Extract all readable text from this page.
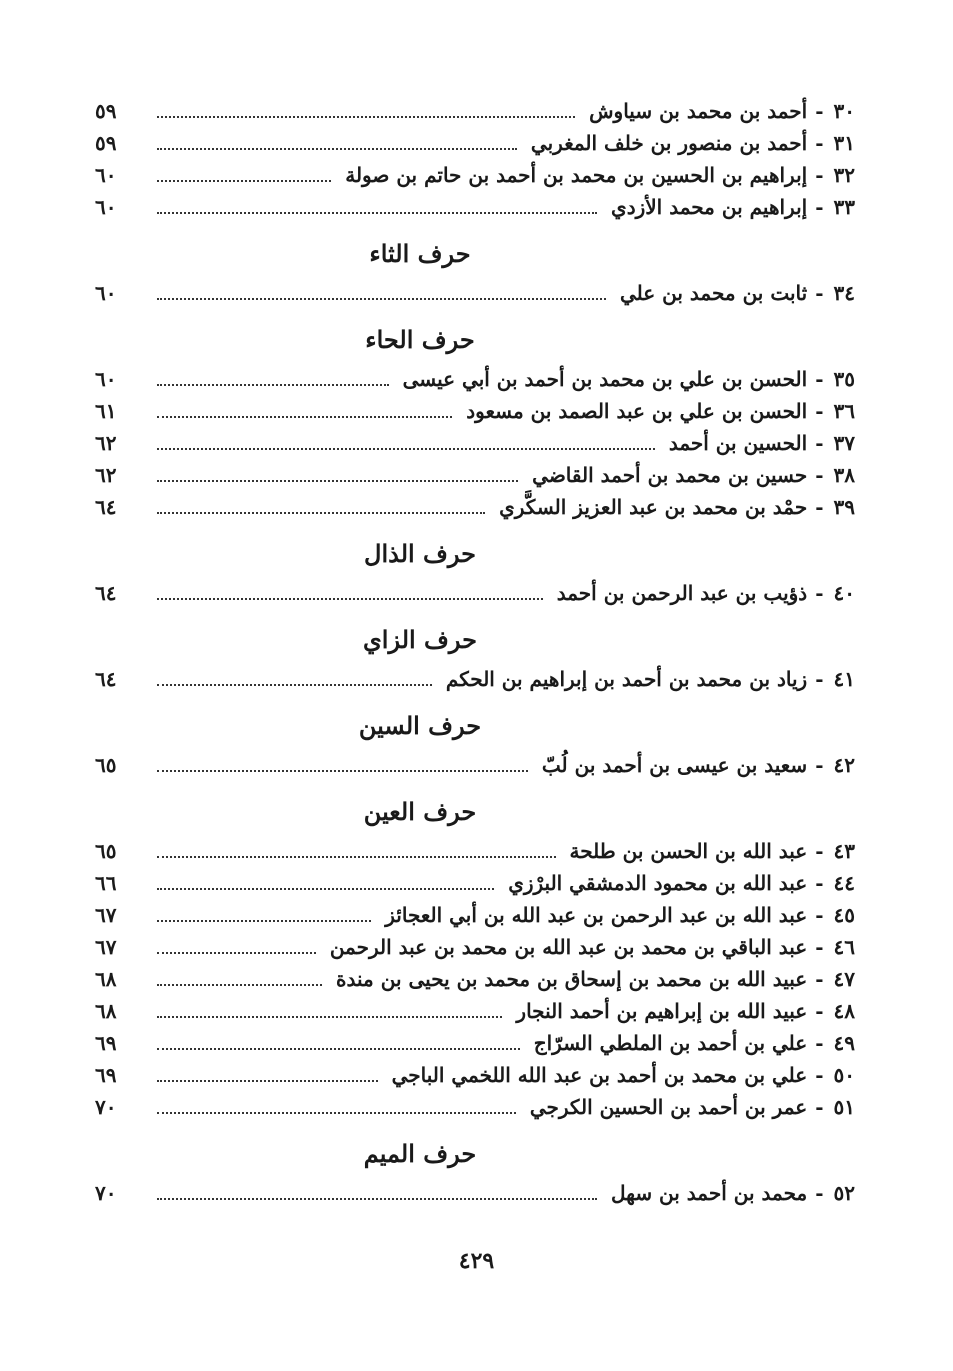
٣٠
-
أحمد بن محمد بن سياوش
٥٩
٣١
-
أحمد بن منصور بن خلف المغربي
٥٩
٣٢
-
إبراهيم بن الحسين بن محمد بن أحمد بن حاتم بن صولة
٦٠
٣٣
-
إبراهيم بن محمد الأزدي
٦٠
حرف الثاء
٣٤
-
ثابت بن محمد بن علي
٦٠
حرف الحاء
٣٥
-
الحسن بن علي بن محمد بن أحمد بن أبي عيسى
٦٠
٣٦
-
الحسن بن علي بن عبد الصمد بن مسعود
٦١
٣٧
-
الحسين بن أحمد
٦٢
٣٨
-
حسين بن محمد بن أحمد القاضي
٦٢
٣٩
-
حمْد بن محمد بن عبد العزيز السكَّري
٦٤
حرف الذال
٤٠
-
ذؤيب بن عبد الرحمن بن أحمد
٦٤
حرف الزاي
٤١
-
زياد بن محمد بن أحمد بن إبراهيم بن الحكم
٦٤
حرف السين
٤٢
-
سعيد بن عيسى بن أحمد بن لُبّ
٦٥
حرف العين
٤٣
-
عبد الله بن الحسن بن طلحة
٦٥
٤٤
-
عبد الله بن محمود الدمشقي البرْزي
٦٦
٤٥
-
عبد الله بن عبد الرحمن بن عبد الله بن أبي العجائز
٦٧
٤٦
-
عبد الباقي بن محمد بن عبد الله بن محمد بن عبد الرحمن
٦٧
٤٧
-
عبيد الله بن محمد بن إسحاق بن محمد بن يحيى بن مندة
٦٨
٤٨
-
عبيد الله بن إبراهيم بن أحمد النجار
٦٨
٤٩
-
علي بن أحمد بن الملطي السرّاج
٦٩
٥٠
-
علي بن محمد بن أحمد بن عبد الله اللخمي الباجي
٦٩
٥١
-
عمر بن أحمد بن الحسين الكرجي
٧٠
حرف الميم
٥٢
-
محمد بن أحمد بن سهل
٧٠
٤٢٩
